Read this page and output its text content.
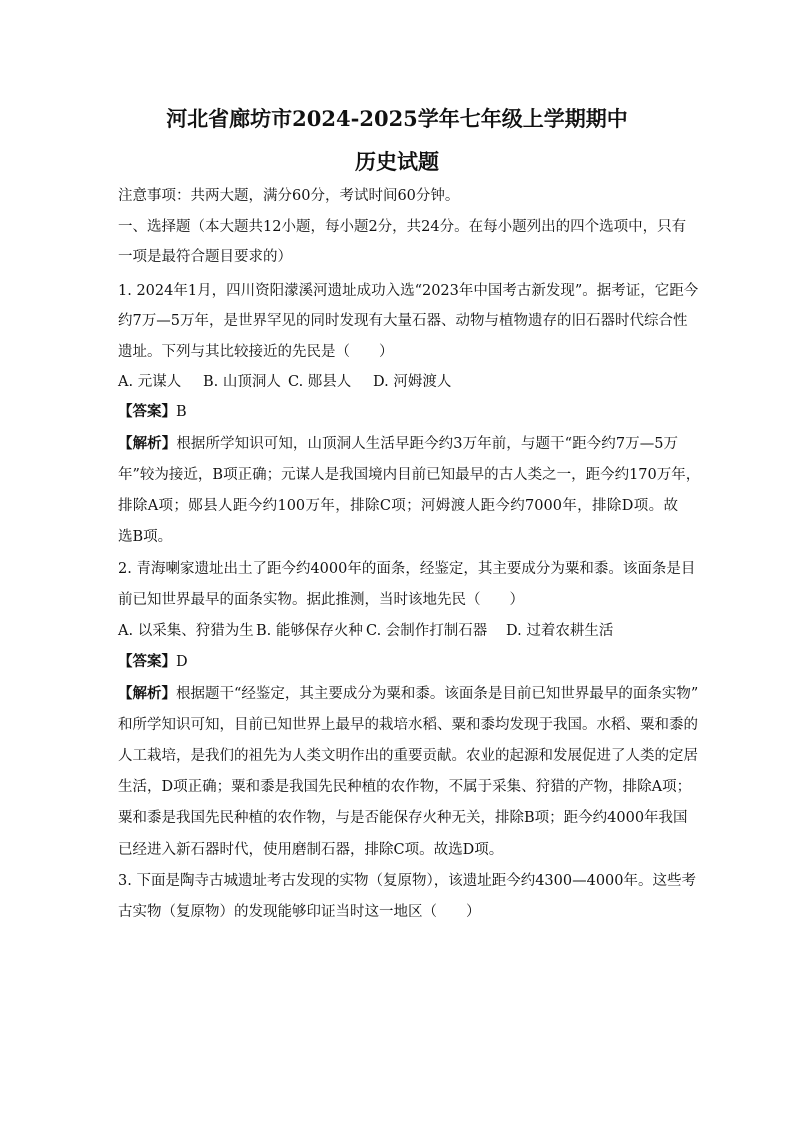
河北省廊坊市2024-2025学年七年级上学期期中
历史试题

注意事项：共两大题，满分60分，考试时间60分钟。

一、选择题（本大题共12小题，每小题2分，共24分。在每小题列出的四个选项中，只有

一项是最符合题目要求的）

1. 2024年1月，四川资阳濛溪河遗址成功入选“2023年中国考古新发现”。据考证，它距今

约7万—5万年，是世界罕见的同时发现有大量石器、动物与植物遗存的旧石器时代综合性

遗址。下列与其比较接近的先民是（　　）

A. 元谋人 B. 山顶洞人 C. 郧县人 D. 河姆渡人
【答案】B
【解析】根据所学知识可知，山顶洞人生活早距今约3万年前，与题干“距今约7万—5万

年”较为接近，B项正确；元谋人是我国境内目前已知最早的古人类之一，距今约170万年，

排除A项；郧县人距今约100万年，排除C项；河姆渡人距今约7000年，排除D项。故

选B项。

2. 青海喇家遗址出土了距今约4000年的面条，经鉴定，其主要成分为粟和黍。该面条是目

前已知世界最早的面条实物。据此推测，当时该地先民（　　）

A. 以采集、狩猎为生 B. 能够保存火种 C. 会制作打制石器 D. 过着农耕生活
【答案】D
【解析】根据题干“经鉴定，其主要成分为粟和黍。该面条是目前已知世界最早的面条实物”

和所学知识可知，目前已知世界上最早的栽培水稻、粟和黍均发现于我国。水稻、粟和黍的

人工栽培，是我们的祖先为人类文明作出的重要贡献。农业的起源和发展促进了人类的定居

生活，D项正确；粟和黍是我国先民种植的农作物，不属于采集、狩猎的产物，排除A项；

粟和黍是我国先民种植的农作物，与是否能保存火种无关，排除B项；距今约4000年我国

已经进入新石器时代，使用磨制石器，排除C项。故选D项。

3. 下面是陶寺古城遗址考古发现的实物（复原物），该遗址距今约4300—4000年。这些考

古实物（复原物）的发现能够印证当时这一地区（　　）
